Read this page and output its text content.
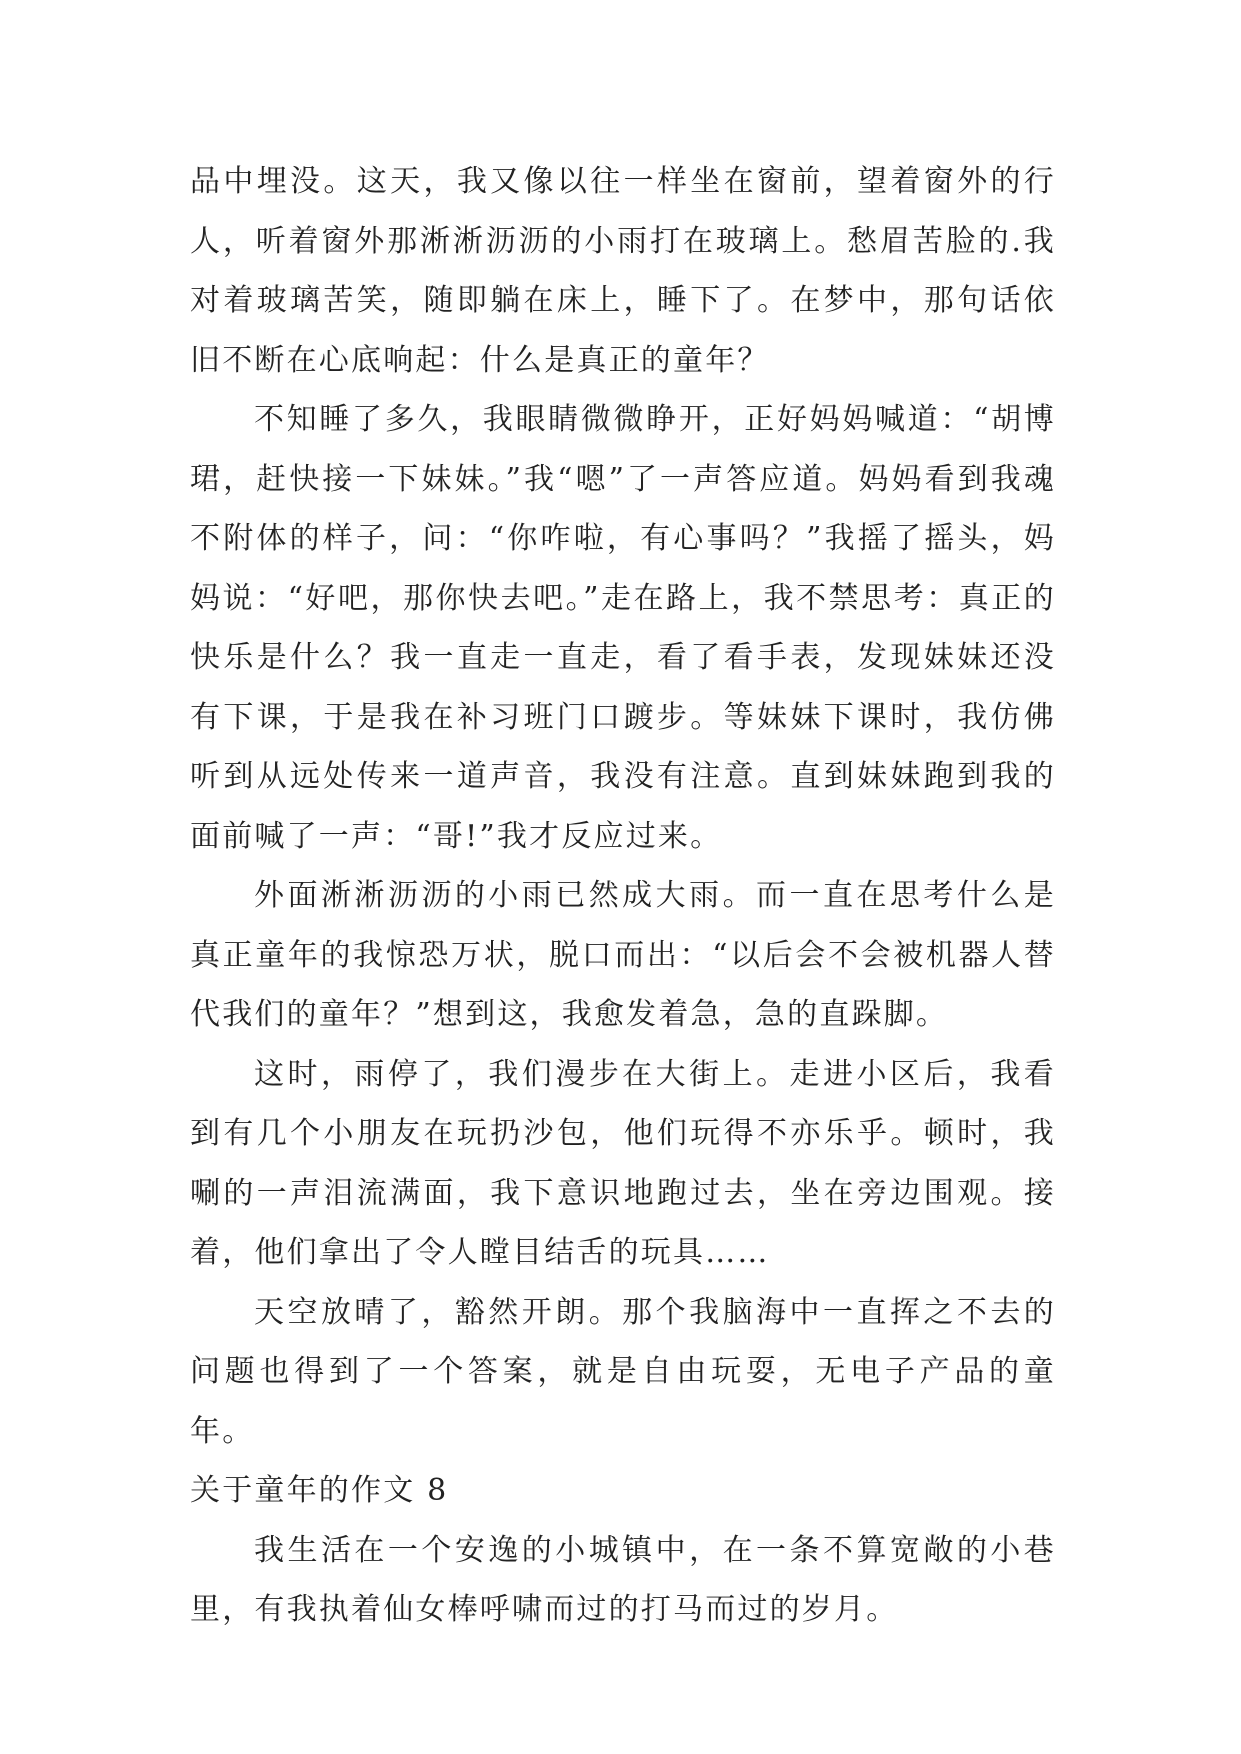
品中埋没。这天，我又像以往一样坐在窗前，望着窗外的行人，听着窗外那淅淅沥沥的小雨打在玻璃上。愁眉苦脸的.我对着玻璃苦笑，随即躺在床上，睡下了。在梦中，那句话依旧不断在心底响起：什么是真正的童年？

不知睡了多久，我眼睛微微睁开，正好妈妈喊道：“胡博珺，赶快接一下妹妹。”我“嗯”了一声答应道。妈妈看到我魂不附体的样子，问：“你咋啦，有心事吗？”我摇了摇头，妈妈说：“好吧，那你快去吧。”走在路上，我不禁思考：真正的快乐是什么？我一直走一直走，看了看手表，发现妹妹还没有下课，于是我在补习班门口踱步。等妹妹下课时，我仿佛听到从远处传来一道声音，我没有注意。直到妹妹跑到我的面前喊了一声：“哥!”我才反应过来。

外面淅淅沥沥的小雨已然成大雨。而一直在思考什么是真正童年的我惊恐万状，脱口而出：“以后会不会被机器人替代我们的童年？”想到这，我愈发着急，急的直跺脚。

这时，雨停了，我们漫步在大街上。走进小区后，我看到有几个小朋友在玩扔沙包，他们玩得不亦乐乎。顿时，我唰的一声泪流满面，我下意识地跑过去，坐在旁边围观。接着，他们拿出了令人瞠目结舌的玩具……

天空放晴了，豁然开朗。那个我脑海中一直挥之不去的问题也得到了一个答案，就是自由玩耍，无电子产品的童年。

关于童年的作文 8

我生活在一个安逸的小城镇中，在一条不算宽敞的小巷里，有我执着仙女棒呼啸而过的打马而过的岁月。
